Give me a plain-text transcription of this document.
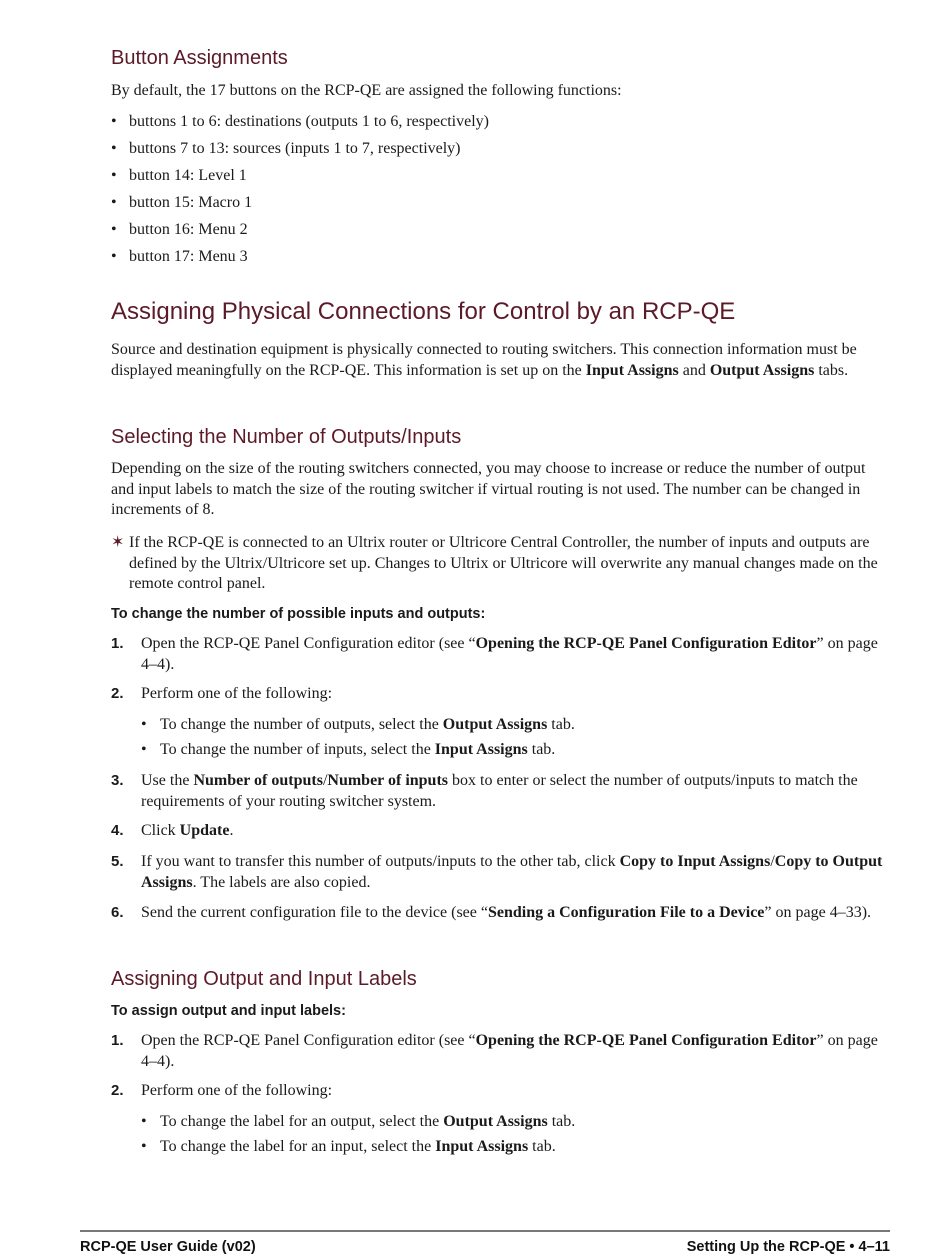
Button Assignments

By default, the 17 buttons on the RCP-QE are assigned the following functions:

• buttons 1 to 6: destinations (outputs 1 to 6, respectively)
• buttons 7 to 13: sources (inputs 1 to 7, respectively)
• button 14: Level 1
• button 15: Macro 1
• button 16: Menu 2
• button 17: Menu 3
Assigning Physical Connections for Control by an RCP-QE

Source and destination equipment is physically connected to routing switchers. This connection information must be displayed meaningfully on the RCP-QE. This information is set up on the Input Assigns and Output Assigns tabs.

Selecting the Number of Outputs/Inputs

Depending on the size of the routing switchers connected, you may choose to increase or reduce the number of output and input labels to match the size of the routing switcher if virtual routing is not used. The number can be changed in increments of 8.

✶ If the RCP-QE is connected to an Ultrix router or Ultricore Central Controller, the number of inputs and outputs are defined by the Ultrix/Ultricore set up. Changes to Ultrix or Ultricore will overwrite any manual changes made on the remote control panel.

To change the number of possible inputs and outputs:

1. Open the RCP-QE Panel Configuration editor (see “Opening the RCP-QE Panel Configuration Editor” on page 4–4).
2. Perform one of the following:
• To change the number of outputs, select the Output Assigns tab.
• To change the number of inputs, select the Input Assigns tab.
3. Use the Number of outputs/Number of inputs box to enter or select the number of outputs/inputs to match the requirements of your routing switcher system.
4. Click Update.
5. If you want to transfer this number of outputs/inputs to the other tab, click Copy to Input Assigns/Copy to Output Assigns. The labels are also copied.
6. Send the current configuration file to the device (see “Sending a Configuration File to a Device” on page 4–33).
Assigning Output and Input Labels

To assign output and input labels:

1. Open the RCP-QE Panel Configuration editor (see “Opening the RCP-QE Panel Configuration Editor” on page 4–4).
2. Perform one of the following:
• To change the label for an output, select the Output Assigns tab.
• To change the label for an input, select the Input Assigns tab.
RCP-QE User Guide (v02)	Setting Up the RCP-QE • 4–11
